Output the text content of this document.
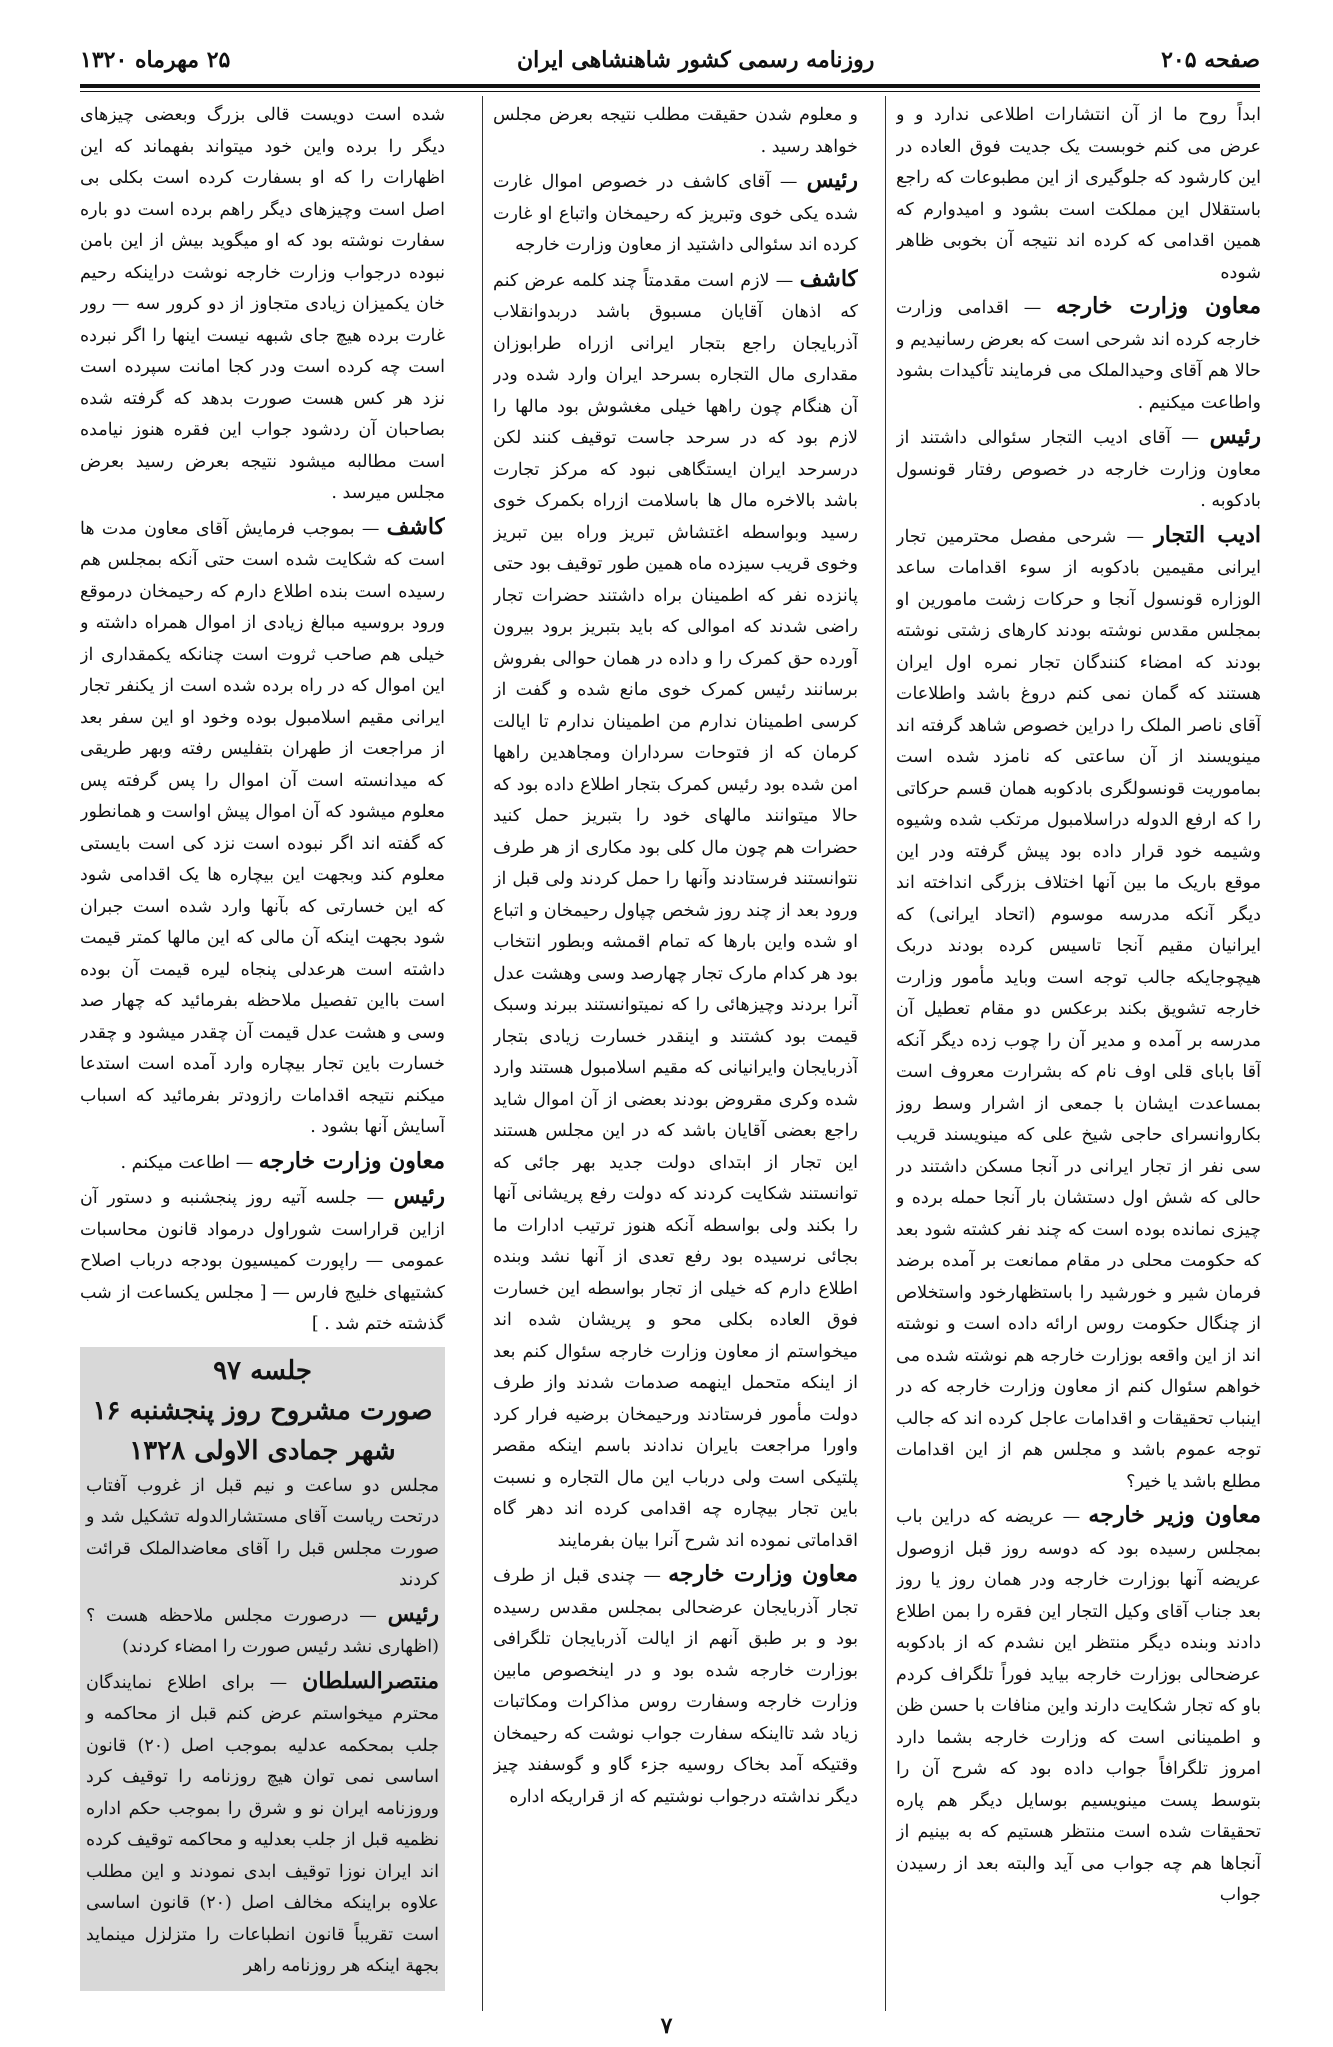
صفحه ۲۰۵
روزنامه رسمی کشور شاهنشاهی ایران
۲۵ مهرماه ۱۳۲۰

ابداً روح ما از آن انتشارات اطلاعی ندارد و و عرض می کنم خوبست یک جدیت فوق العاده در این کارشود که جلوگیری از این مطبوعات که راجع باستقلال این مملکت است بشود و امیدوارم که همین اقدامی که کرده اند نتیجه آن بخوبی ظاهر شوده

معاون وزارت خارجه — اقدامی وزارت خارجه کرده اند شرحی است که بعرض رسانیدیم و حالا هم آقای وحیدالملک می فرمایند تأکیدات بشود واطاعت میکنیم .

رئیس — آقای ادیب التجار سئوالی داشتند از معاون وزارت خارجه در خصوص رفتار قونسول بادکوبه .

ادیب التجار — شرحی مفصل محترمین تجار ایرانی مقیمین بادکوبه از سوء اقدامات ساعد الوزاره قونسول آنجا و حرکات زشت مامورین او بمجلس مقدس نوشته بودند کارهای زشتی نوشته بودند که امضاء کنندگان تجار نمره اول ایران هستند که گمان نمی کنم دروغ باشد واطلاعات آقای ناصر الملک را دراین خصوص شاهد گرفته اند مینویسند از آن ساعتی که نامزد شده است بماموریت قونسولگری بادکوبه همان قسم حرکاتی را که ارفع الدوله دراسلامبول مرتکب شده وشیوه وشیمه خود قرار داده بود پیش گرفته ودر این موقع باریک ما بین آنها اختلاف بزرگی انداخته اند دیگر آنکه مدرسه موسوم (اتحاد ایرانی) که ایرانیان مقیم آنجا تاسیس کرده بودند دربک هیچوجایکه جالب توجه است وباید مأمور وزارت خارجه تشویق بکند برعکس دو مقام تعطیل آن مدرسه بر آمده و مدیر آن را چوب زده دیگر آنکه آقا بابای قلی اوف نام که بشرارت معروف است بمساعدت ایشان با جمعی از اشرار وسط روز بکاروانسرای حاجی شیخ علی که مینویسند قریب سی نفر از تجار ایرانی در آنجا مسکن داشتند در حالی که شش اول دستشان بار آنجا حمله برده و چیزی نمانده بوده است که چند نفر کشته شود بعد که حکومت محلی در مقام ممانعت بر آمده برضد فرمان شیر و خورشید را باستظهارخود واستخلاص از چنگال حکومت روس ارائه داده است و نوشته اند از این واقعه بوزارت خارجه هم نوشته شده می خواهم سئوال کنم از معاون وزارت خارجه که در اینباب تحقیقات و اقدامات عاجل کرده اند که جالب توجه عموم باشد و مجلس هم از این اقدامات مطلع باشد یا خیر؟

معاون وزیر خارجه — عریضه که دراین باب بمجلس رسیده بود که دوسه روز قبل ازوصول عریضه آنها بوزارت خارجه ودر همان روز یا روز بعد جناب آقای وکیل التجار این فقره را بمن اطلاع دادند وبنده دیگر منتظر این نشدم که از بادکوبه عرضحالی بوزارت خارجه بیاید فوراً تلگراف کردم باو که تجار شکایت دارند واین منافات با حسن ظن و اطمینانی است که وزارت خارجه بشما دارد امروز تلگرافاً جواب داده بود که شرح آن را بتوسط پست مینویسیم بوسایل دیگر هم پاره تحقیقات شده است منتظر هستیم که به بینیم از آنجاها هم چه جواب می آید والبته بعد از رسیدن جواب

و معلوم شدن حقیقت مطلب نتیجه بعرض مجلس خواهد رسید .

رئیس — آقای کاشف در خصوص اموال غارت شده یکی خوی وتبریز که رحیمخان واتباع او غارت کرده اند سئوالی داشتید از معاون وزارت خارجه

کاشف — لازم است مقدمتاً چند کلمه عرض کنم که اذهان آقایان مسبوق باشد دربدوانقلاب آذربایجان راجع بتجار ایرانی ازراه طرابوزان مقداری مال التجاره بسرحد ایران وارد شده ودر آن هنگام چون راهها خیلی مغشوش بود مالها را لازم بود که در سرحد جاست توقیف کنند لکن درسرحد ایران ایستگاهی نبود که مرکز تجارت باشد بالاخره مال ها باسلامت ازراه بکمرک خوی رسید وبواسطه اغتشاش تبریز وراه بین تبریز وخوی قریب سیزده ماه همین طور توقیف بود حتی پانزده نفر که اطمینان براه داشتند حضرات تجار راضی شدند که اموالی که باید بتبریز برود بیرون آورده حق کمرک را و داده در همان حوالی بفروش برسانند رئیس کمرک خوی مانع شده و گفت از کرسی اطمینان ندارم من اطمینان ندارم تا ایالت کرمان که از فتوحات سرداران ومجاهدین راهها امن شده بود رئیس کمرک بتجار اطلاع داده بود که حالا میتوانند مالهای خود را بتبریز حمل کنید حضرات هم چون مال کلی بود مکاری از هر طرف نتوانستند فرستادند وآنها را حمل کردند ولی قبل از ورود بعد از چند روز شخص چپاول رحیمخان و اتباع او شده واین بارها که تمام اقمشه وبطور انتخاب بود هر کدام مارک تجار چهارصد وسی وهشت عدل آنرا بردند وچیزهائی را که نمیتوانستند ببرند وسبک قیمت بود کشتند و اینقدر خسارت زیادی بتجار آذربایجان وایرانیانی که مقیم اسلامبول هستند وارد شده وکری مقروض بودند بعضی از آن اموال شاید راجع بعضی آقایان باشد که در این مجلس هستند این تجار از ابتدای دولت جدید بهر جائی که توانستند شکایت کردند که دولت رفع پریشانی آنها را بکند ولی بواسطه آنکه هنوز ترتیب ادارات ما بجائی نرسیده بود رفع تعدی از آنها نشد وبنده اطلاع دارم که خیلی از تجار بواسطه این خسارت فوق العاده بکلی محو و پریشان شده اند میخواستم از معاون وزارت خارجه سئوال کنم بعد از اینکه متحمل اینهمه صدمات شدند واز طرف دولت مأمور فرستادند ورحیمخان برضیه فرار کرد واورا مراجعت بایران ندادند باسم اینکه مقصر پلتیکی است ولی درباب این مال التجاره و نسبت باین تجار بیچاره چه اقدامی کرده اند دهر گاه اقداماتی نموده اند شرح آنرا بیان بفرمایند

معاون وزارت خارجه — چندی قبل از طرف تجار آذربایجان عرضحالی بمجلس مقدس رسیده بود و بر طبق آنهم از ایالت آذربایجان تلگرافی بوزارت خارجه شده بود و در اینخصوص مابین وزارت خارجه وسفارت روس مذاکرات ومکاتبات زیاد شد تااینکه سفارت جواب نوشت که رحیمخان وقتیکه آمد بخاک روسیه جزء گاو و گوسفند چیز دیگر نداشته درجواب نوشتیم که از قراریکه اداره

شده است دویست قالی بزرگ وبعضی چیزهای دیگر را برده واین خود میتواند بفهماند که این اظهارات را که او بسفارت کرده است بکلی بی اصل است وچیزهای دیگر راهم برده است دو باره سفارت نوشته بود که او میگوید بیش از این بامن نبوده درجواب وزارت خارجه نوشت دراینکه رحیم خان یکمیزان زیادی متجاوز از دو کرور سه — رور غارت برده هیچ جای شبهه نیست اینها را اگر نبرده است چه کرده است ودر کجا امانت سپرده است نزد هر کس هست صورت بدهد که گرفته شده بصاحبان آن ردشود جواب این فقره هنوز نیامده است مطالبه میشود نتیجه بعرض رسید بعرض مجلس میرسد .

کاشف — بموجب فرمایش آقای معاون مدت ها است که شکایت شده است حتی آنکه بمجلس هم رسیده است بنده اطلاع دارم که رحیمخان درموقع ورود بروسیه مبالغ زیادی از اموال همراه داشته و خیلی هم صاحب ثروت است چنانکه یکمقداری از این اموال که در راه برده شده است از یکنفر تجار ایرانی مقیم اسلامبول بوده وخود او این سفر بعد از مراجعت از طهران بتفلیس رفته وبهر طریقی که میدانسته است آن اموال را پس گرفته پس معلوم میشود که آن اموال پیش اواست و همانطور که گفته اند اگر نبوده است نزد کی است بایستی معلوم کند وبجهت این بیچاره ها یک اقدامی شود که این خسارتی که بآنها وارد شده است جبران شود بجهت اینکه آن مالی که این مالها کمتر قیمت داشته است هرعدلی پنجاه لیره قیمت آن بوده است بااین تفصیل ملاحظه بفرمائید که چهار صد وسی و هشت عدل قیمت آن چقدر میشود و چقدر خسارت باین تجار بیچاره وارد آمده است استدعا میکنم نتیجه اقدامات رازودتر بفرمائید که اسباب آسایش آنها بشود .

معاون وزارت خارجه — اطاعت میکنم .

رئیس — جلسه آتیه روز پنجشنبه و دستور آن ازاین قراراست شوراول درمواد قانون محاسبات عمومی — راپورت کمیسیون بودجه درباب اصلاح کشتیهای خلیج فارس — [ مجلس یکساعت از شب گذشته ختم شد . ]

جلسه ۹۷
صورت مشروح روز پنجشنبه ۱۶ شهر جمادی الاولی ۱۳۲۸

مجلس دو ساعت و نیم قبل از غروب آفتاب درتحت ریاست آقای مستشارالدوله تشکیل شد و صورت مجلس قبل را آقای معاضدالملک قرائت کردند

رئیس — درصورت مجلس ملاحظه هست ؟ (اظهاری نشد رئیس صورت را امضاء کردند)

منتصرالسلطان — برای اطلاع نمایندگان محترم میخواستم عرض کنم قبل از محاکمه و جلب بمحکمه عدلیه بموجب اصل (۲۰) قانون اساسی نمی توان هیچ روزنامه را توقیف کرد وروزنامه ایران نو و شرق را بموجب حکم اداره نظمیه قبل از جلب بعدلیه و محاکمه توقیف کرده اند ایران نوزا توقیف ابدی نمودند و این مطلب علاوه براینکه مخالف اصل (۲۰) قانون اساسی است تقریباً قانون انطباعات را متزلزل مینماید بجهة اینکه هر روزنامه راهر

۷
